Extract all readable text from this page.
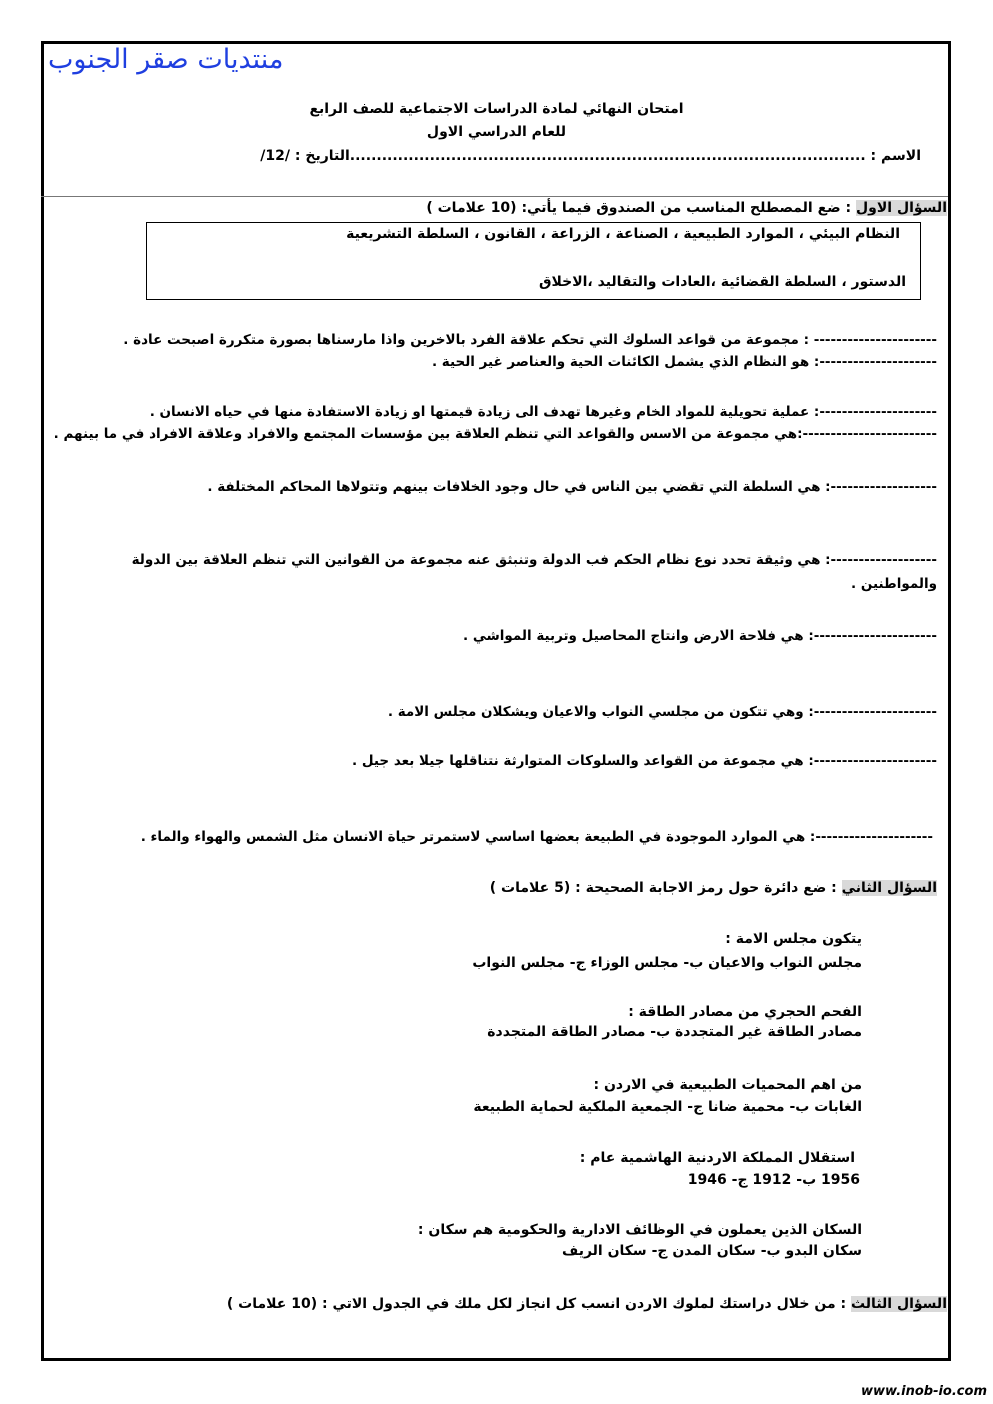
منتديات صقر الجنوب
امتحان النهائي لمادة الدراسات الاجتماعية للصف الرابع
للعام الدراسي الاول
الاسم : .................................................................................................التاريخ : /12/
السؤال الاول : ضع المصطلح المناسب من الصندوق فيما يأتي: (10 علامات )
النظام البيئي ، الموارد الطبيعية ، الصناعة ، الزراعة ، القانون ، السلطة التشريعية
الدستور ، السلطة القضائية ،العادات والتقاليد ،الاخلاق
---------------------- : مجموعة من قواعد السلوك التي تحكم علاقة الفرد بالاخرين واذا مارسناها بصورة متكررة اصبحت عادة .
---------------------: هو النظام الذي يشمل الكائنات الحية والعناصر غير الحية .
---------------------: عملية تحويلية للمواد الخام وغيرها تهدف الى زيادة قيمتها او زيادة الاستفادة منها في حياه الانسان .
------------------------:هي مجموعة من الاسس والقواعد التي تنظم العلاقة بين مؤسسات المجتمع والافراد وعلاقة الافراد في ما بينهم .
-------------------: هي السلطة التي تقضي بين الناس في حال وجود الخلافات بينهم وتتولاها المحاكم المختلفة .
-------------------: هي وثيقة تحدد نوع نظام الحكم فب الدولة وتنبثق عنه مجموعة من القوانين التي تنظم العلاقة بين الدولة
والمواطنين .
----------------------: هي فلاحة الارض وانتاج المحاصيل وتربية المواشي .
----------------------: وهي تتكون من مجلسي النواب والاعيان ويشكلان مجلس الامة .
----------------------: هي مجموعة من القواعد والسلوكات المتوارثة نتناقلها جيلا بعد جيل .
---------------------: هي الموارد الموجودة في الطبيعة بعضها اساسي لاستمرتر حياة الانسان مثل الشمس والهواء والماء .
السؤال الثاني : ضع دائرة حول رمز الاجابة الصحيحة : (5 علامات )
يتكون مجلس الامة :
مجلس النواب والاعيان ب- مجلس الوزاء ج- مجلس النواب
الفحم الحجري من مصادر الطاقة :
مصادر الطاقة غير المتجددة ب- مصادر الطاقة المتجددة
من اهم المحميات الطبيعية في الاردن :
الغابات ب- محمية ضانا ج- الجمعية الملكية لحماية الطبيعة
استقلال المملكة الاردنية الهاشمية عام :
1956 ب- 1912 ج- 1946
السكان الذين يعملون في الوظائف الادارية والحكومية هم سكان :
سكان البدو ب- سكان المدن ج- سكان الريف
السؤال الثالث : من خلال دراستك لملوك الاردن انسب كل انجاز لكل ملك في الجدول الاتي : (10 علامات )
www.inob-io.com
